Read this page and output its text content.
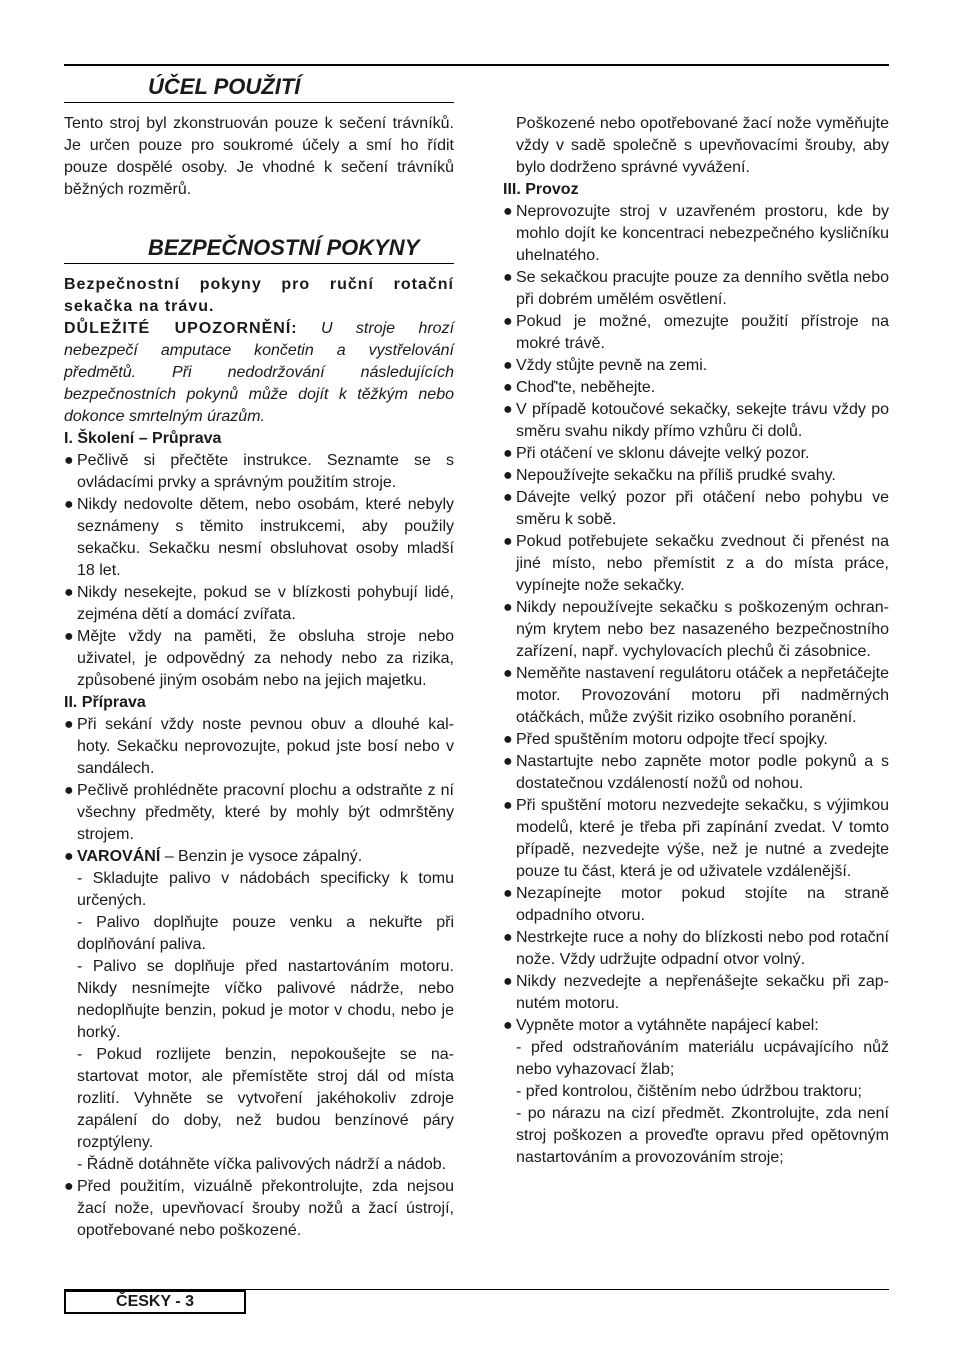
ÚČEL POUŽITÍ

Tento stroj byl zkonstruován pouze k sečení trávníků. Je určen pouze pro soukromé účely a smí ho řídit pouze dospělé osoby. Je vhodné k sečení trávníků běžných rozměrů.

BEZPEČNOSTNÍ POKYNY

Bezpečnostní pokyny pro ruční rotační sekačka na trávu.

DŮLEŽITÉ UPOZORNĚNÍ: U stroje hrozí nebezpečí amputace končetin a vystřelování předmětů. Při nedodržování následujících bezpečnostních pokynů může dojít k těžkým nebo dokonce smrtelným úrazům.

I. Školení – Průprava
● Pečlivě si přečtěte instrukce. Seznamte se s ovládacími prvky a správným použitím stroje.
● Nikdy nedovolte dětem, nebo osobám, které nebyly seznámeny s těmito instrukcemi, aby použily sekačku. Sekačku nesmí obsluhovat osoby mladší 18 let.
● Nikdy nesekejte, pokud se v blízkosti pohybují lidé, zejména dětí a domácí zvířata.
● Mějte vždy na paměti, že obsluha stroje nebo uživatel, je odpovědný za nehody nebo za rizika, způsobené jiným osobám nebo na jejich majetku.
II. Příprava
● Při sekání vždy noste pevnou obuv a dlouhé kal-hoty. Sekačku neprovozujte, pokud jste bosí nebo v sandálech.
● Pečlivě prohlédněte pracovní plochu a odstraňte z ní všechny předměty, které by mohly být odmrštěny strojem.
● VAROVÁNÍ – Benzin je vysoce zápalný.

- Skladujte palivo v nádobách specificky k tomu určených.

- Palivo doplňujte pouze venku a nekuřte při doplňování paliva.

- Palivo se doplňuje před nastartováním motoru. Nikdy nesnímejte víčko palivové nádrže, nebo nedoplňujte benzin, pokud je motor v chodu, nebo je horký.

- Pokud rozlijete benzin, nepokoušejte se na-startovat motor, ale přemístěte stroj dál od místa rozlití. Vyhněte se vytvoření jakéhokoliv zdroje zapálení do doby, než budou benzínové páry rozptýleny.

- Řádně dotáhněte víčka palivových nádrží a nádob.

● Před použitím, vizuálně překontrolujte, zda nejsou žací nože, upevňovací šrouby nožů a žací ústrojí, opotřebované nebo poškozené.

Poškozené nebo opotřebované žací nože vyměňujte vždy v sadě společně s upevňovacími šrouby, aby bylo dodrženo správné vyvážení.

III. Provoz
● Neprovozujte stroj v uzavřeném prostoru, kde by mohlo dojít ke koncentraci nebezpečného kysličníku uhelnatého.
● Se sekačkou pracujte pouze za denního světla nebo při dobrém umělém osvětlení.
● Pokud je možné, omezujte použití přístroje na mokré trávě.
● Vždy stůjte pevně na zemi.
● Choď'te, neběhejte.
● V případě kotoučové sekačky, sekejte trávu vždy po směru svahu nikdy přímo vzhůru či dolů.
● Při otáčení ve sklonu dávejte velký pozor.
● Nepoužívejte sekačku na příliš prudké svahy.
● Dávejte velký pozor při otáčení nebo pohybu ve směru k sobě.
● Pokud potřebujete sekačku zvednout či přenést na jiné místo, nebo přemístit z a do místa práce, vypínejte nože sekačky.
● Nikdy nepoužívejte sekačku s poškozeným ochran-ným krytem nebo bez nasazeného bezpečnostního zařízení, např. vychylovacích plechů či zásobnice.
● Neměňte nastavení regulátoru otáček a nepřetáčejte motor. Provozování motoru při nadměrných otáčkách, může zvýšit riziko osobního poranění.
● Před spuštěním motoru odpojte třecí spojky.
● Nastartujte nebo zapněte motor podle pokynů a s dostatečnou vzdáleností nožů od nohou.
● Při spuštění motoru nezvedejte sekačku, s výjimkou modelů, které je třeba při zapínání zvedat. V tomto případě, nezvedejte výše, než je nutné a zvedejte pouze tu část, která je od uživatele vzdálenější.
● Nezapínejte motor pokud stojíte na straně odpadního otvoru.
● Nestrkejte ruce a nohy do blízkosti nebo pod rotační nože. Vždy udržujte odpadní otvor volný.
● Nikdy nezvedejte a nepřenášejte sekačku při zap-nutém motoru.
● Vypněte motor a vytáhněte napájecí kabel:

- před odstraňováním materiálu ucpávajícího nůž nebo vyhazovací žlab;

- před kontrolou, čištěním nebo údržbou traktoru;

- po nárazu na cizí předmět. Zkontrolujte, zda není stroj poškozen a proveďte opravu před opětovným nastartováním a provozováním stroje;

ČESKY - 3
